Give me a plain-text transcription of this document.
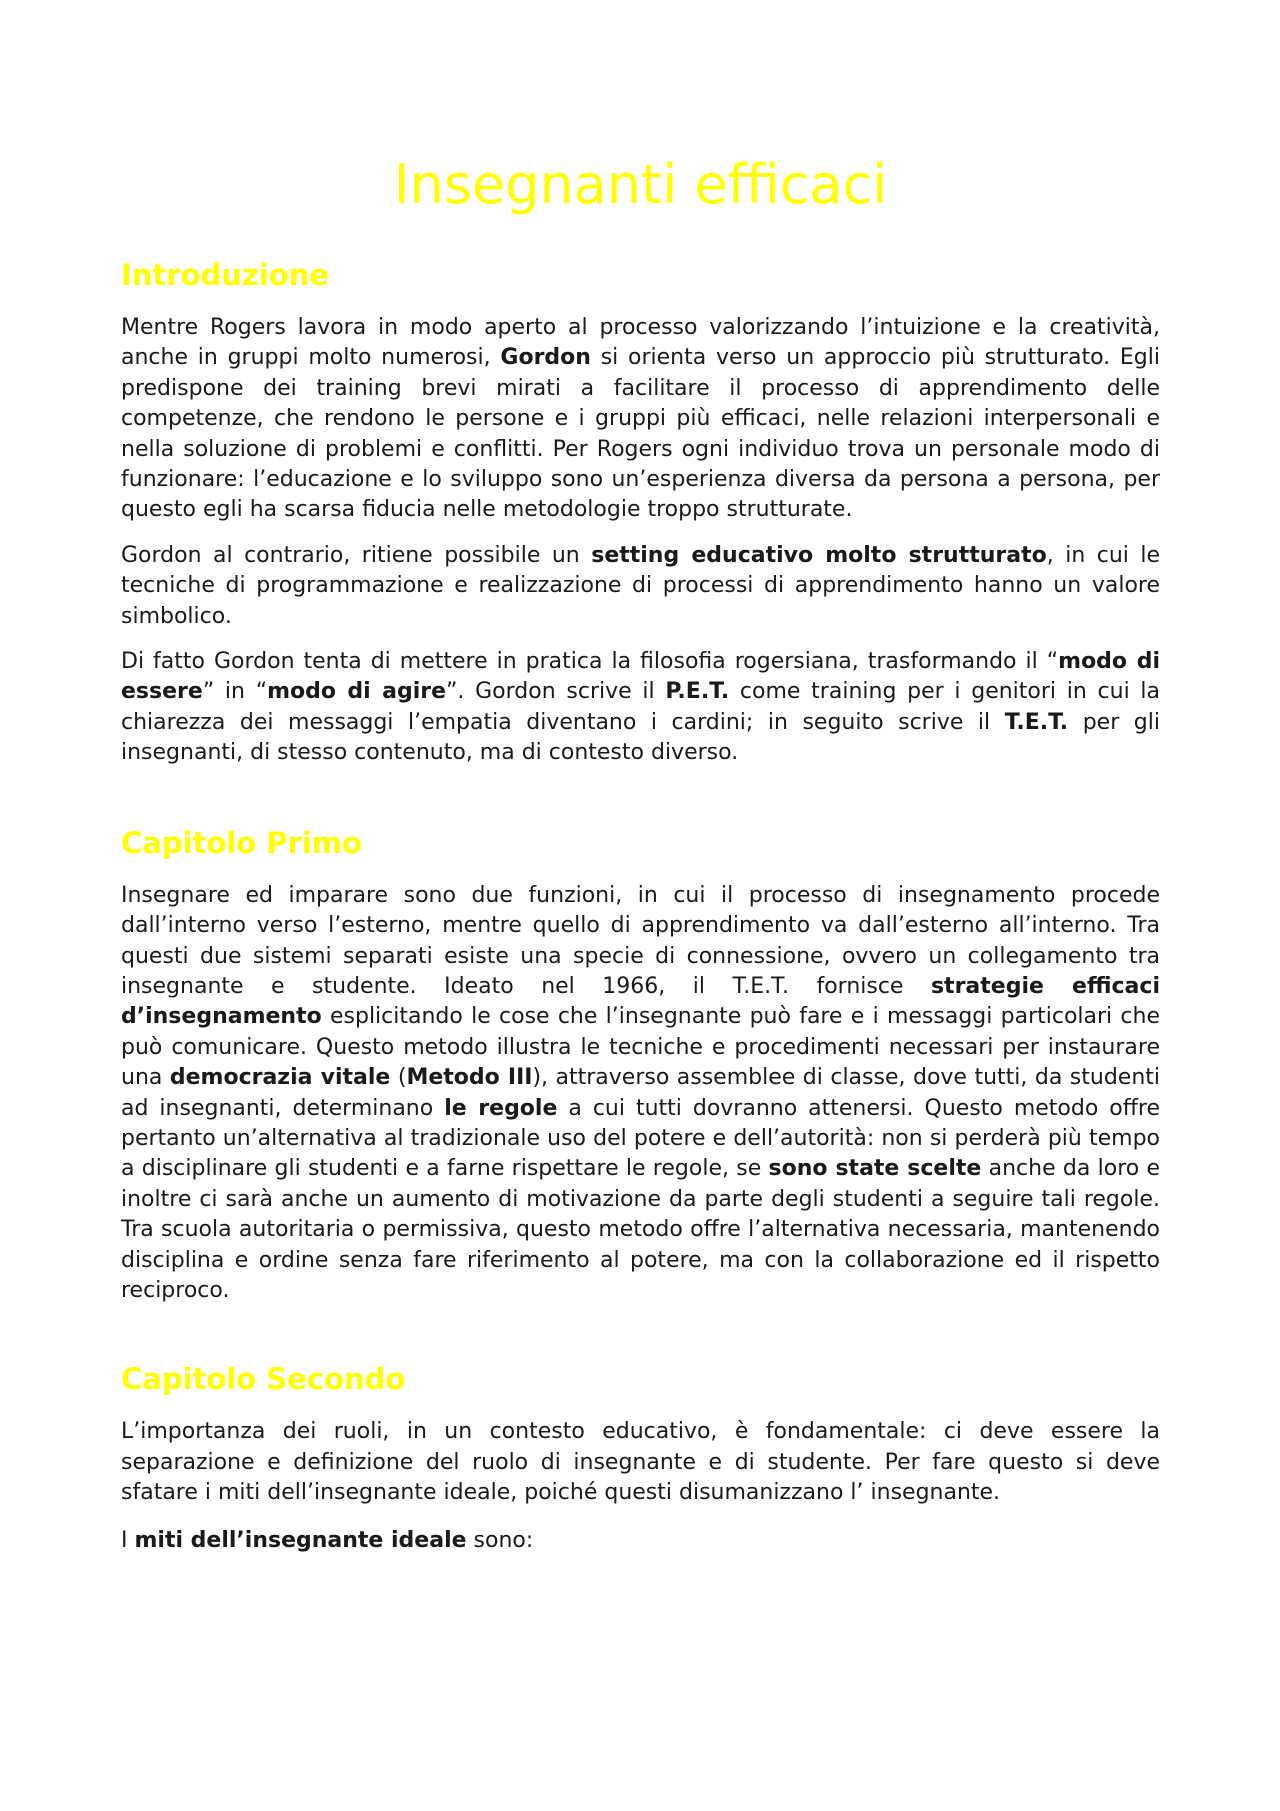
Insegnanti efficaci
Introduzione

Mentre Rogers lavora in modo aperto al processo valorizzando l’intuizione e la creatività, anche in gruppi molto numerosi, Gordon si orienta verso un approccio più strutturato. Egli predispone dei training brevi mirati a facilitare il processo di apprendimento delle competenze, che rendono le persone e i gruppi più efficaci, nelle relazioni interpersonali e nella soluzione di problemi e conflitti. Per Rogers ogni individuo trova un personale modo di funzionare: l’educazione e lo sviluppo sono un’esperienza diversa da persona a persona, per questo egli ha scarsa fiducia nelle metodologie troppo strutturate.

Gordon al contrario, ritiene possibile un setting educativo molto strutturato, in cui le tecniche di programmazione e realizzazione di processi di apprendimento hanno un valore simbolico.

Di fatto Gordon tenta di mettere in pratica la filosofia rogersiana, trasformando il “modo di essere” in “modo di agire”. Gordon scrive il P.E.T. come training per i genitori in cui la chiarezza dei messaggi l’empatia diventano i cardini; in seguito scrive il T.E.T. per gli insegnanti, di stesso contenuto, ma di contesto diverso.

Capitolo Primo

Insegnare ed imparare sono due funzioni, in cui il processo di insegnamento procede dall’interno verso l’esterno, mentre quello di apprendimento va dall’esterno all’interno. Tra questi due sistemi separati esiste una specie di connessione, ovvero un collegamento tra insegnante e studente. Ideato nel 1966, il T.E.T. fornisce strategie efficaci d’insegnamento esplicitando le cose che l’insegnante può fare e i messaggi particolari che può comunicare. Questo metodo illustra le tecniche e procedimenti necessari per instaurare una democrazia vitale (Metodo III), attraverso assemblee di classe, dove tutti, da studenti ad insegnanti, determinano le regole a cui tutti dovranno attenersi. Questo metodo offre pertanto un’alternativa al tradizionale uso del potere e dell’autorità: non si perderà più tempo a disciplinare gli studenti e a farne rispettare le regole, se sono state scelte anche da loro e inoltre ci sarà anche un aumento di motivazione da parte degli studenti a seguire tali regole. Tra scuola autoritaria o permissiva, questo metodo offre l’alternativa necessaria, mantenendo disciplina e ordine senza fare riferimento al potere, ma con la collaborazione ed il rispetto reciproco.

Capitolo Secondo

L’importanza dei ruoli, in un contesto educativo, è fondamentale: ci deve essere la separazione e definizione del ruolo di insegnante e di studente. Per fare questo si deve sfatare i miti dell’insegnante ideale, poiché questi disumanizzano l’ insegnante.

I miti dell’insegnante ideale sono:
